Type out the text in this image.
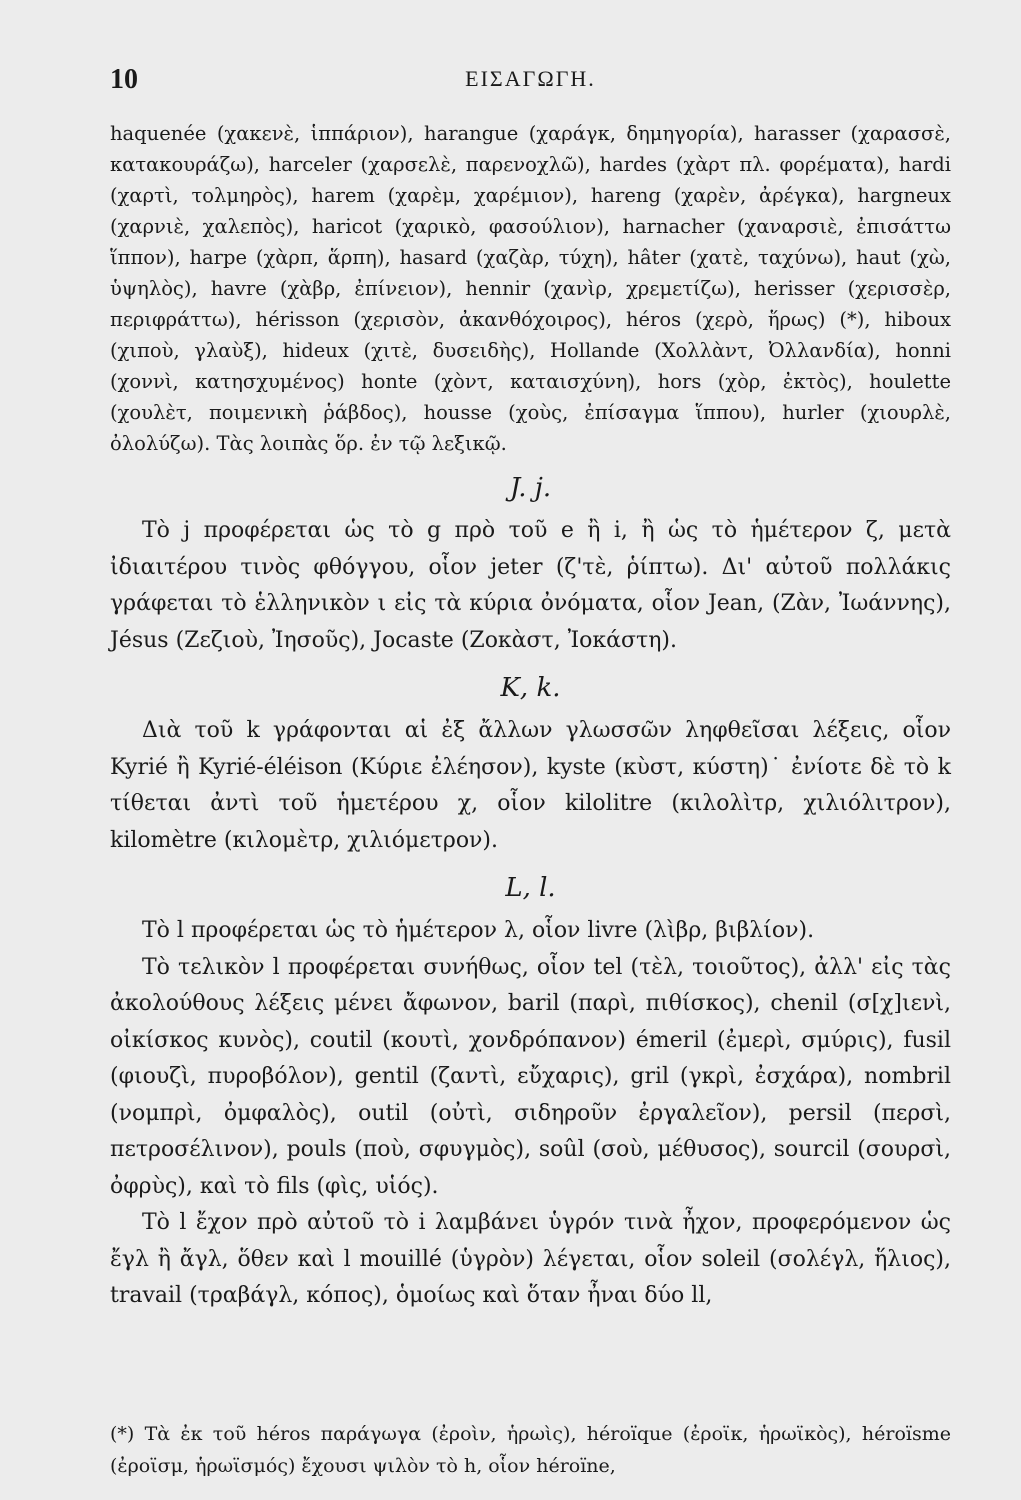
10	ΕΙΣΑΓΩΓΗ.

haquenée (χακενὲ, ἱππάριον), harangue (χαράγκ, δημηγορία), harasser (χαρασσὲ, κατακουράζω), harceler (χαρσελὲ, παρενοχλῶ), hardes (χὰρτ πλ. φορέματα), hardi (χαρτὶ, τολμηρὸς), harem (χαρὲμ, χαρέμιον), hareng (χαρὲν, ἀρέγκα), hargneux (χαρνιὲ, χαλεπὸς), haricot (χαρικὸ, φασούλιον), harnacher (χαναρσιὲ, ἐπισάττω ἵππον), harpe (χὰρπ, ἅρπη), hasard (χαζὰρ, τύχη), hâter (χατὲ, ταχύνω), haut (χὼ, ὑψηλὸς), havre (χὰβρ, ἐπίνειον), hennir (χανὶρ, χρεμετίζω), herisser (χερισσὲρ, περιφράττω), hérisson (χερισὸν, ἀκανθόχοιρος), héros (χερὸ, ἥρως) (*), hiboux (χιποὺ, γλαὺξ), hideux (χιτὲ, δυσειδὴς), Hollande (Χολλὰντ, Ὀλλανδία), honni (χοννὶ, κατησχυμένος) honte (χὸντ, καταισχύνη), hors (χὸρ, ἐκτὸς), houlette (χουλὲτ, ποιμενικὴ ῥάβδος), housse (χοὺς, ἐπίσαγμα ἵππου), hurler (χιουρλὲ, ὀλολύζω). Τὰς λοιπὰς ὅρ. ἐν τῷ λεξικῷ.

J. j.

Τὸ j προφέρεται ὡς τὸ g πρὸ τοῦ e ἢ i, ἢ ὡς τὸ ἡμέτερον ζ, μετὰ ἰδιαιτέρου τινὸς φθόγγου, οἷον jeter (ζ'τὲ, ῥίπτω). Δι' αὐτοῦ πολλάκις γράφεται τὸ ἑλληνικὸν ι εἰς τὰ κύρια ὀνόματα, οἷον Jean, (Ζὰν, Ἰωάννης), Jésus (Ζεζιοὺ, Ἰησοῦς), Jocaste (Ζοκὰστ, Ἰοκάστη).

K, k.

Διὰ τοῦ k γράφονται αἱ ἐξ ἄλλων γλωσσῶν ληφθεῖσαι λέξεις, οἷον Kyrié ἢ Kyrié-éléison (Κύριε ἐλέησον), kyste (κὺστ, κύστη)˙ ἐνίοτε δὲ τὸ k τίθεται ἀντὶ τοῦ ἡμετέρου χ, οἷον kilolitre (κιλολὶτρ, χιλιόλιτρον), kilomètre (κιλομὲτρ, χιλιόμετρον).

L, l.

Τὸ l προφέρεται ὡς τὸ ἡμέτερον λ, οἷον livre (λὶβρ, βιβλίον).

Τὸ τελικὸν l προφέρεται συνήθως, οἷον tel (τὲλ, τοιοῦτος), ἀλλ' εἰς τὰς ἀκολούθους λέξεις μένει ἄφωνον, baril (παρὶ, πιθίσκος), chenil (σ[χ]ιενὶ, οἰκίσκος κυνὸς), coutil (κουτὶ, χονδρόπανον) émeril (ἐμερὶ, σμύρις), fusil (φιουζὶ, πυροβόλον), gentil (ζαντὶ, εὔχαρις), gril (γκρὶ, ἐσχάρα), nombril (νομπρὶ, ὀμφαλὸς), outil (οὐτὶ, σιδηροῦν ἐργαλεῖον), persil (περσὶ, πετροσέλινον), pouls (ποὺ, σφυγμὸς), soûl (σοὺ, μέθυσος), sourcil (σουρσὶ, ὀφρὺς), καὶ τὸ fils (φὶς, υἱός).

Τὸ l ἔχον πρὸ αὐτοῦ τὸ i λαμβάνει ὑγρόν τινὰ ἦχον, προφερόμενον ὡς ἔγλ ἢ ἄγλ, ὅθεν καὶ l mouillé (ὑγρὸν) λέγεται, οἷον soleil (σολέγλ, ἥλιος), travail (τραβάγλ, κόπος), ὁμοίως καὶ ὅταν ἦναι δύο ll,

(*) Τὰ ἐκ τοῦ héros παράγωγα (ἐροὶν, ἡρωὶς), héroïque (ἐροϊκ, ἡρωϊκὸς), héroïsme (ἐροϊσμ, ἡρωϊσμός) ἔχουσι ψιλὸν τὸ h, οἷον héroïne,
